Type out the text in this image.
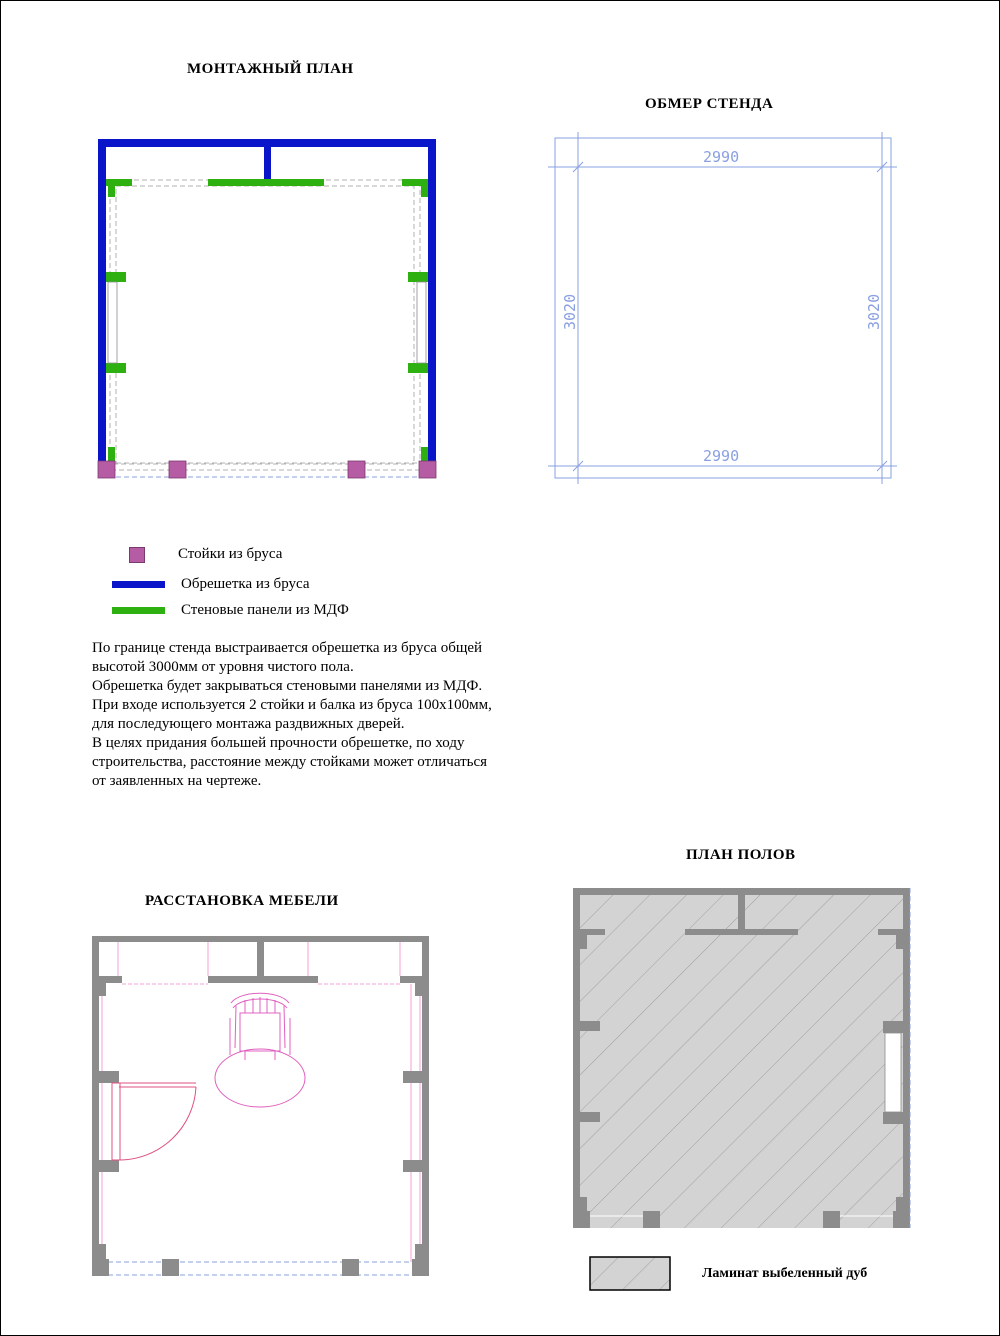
МОНТАЖНЫЙ ПЛАН
ОБМЕР СТЕНДА
РАССТАНОВКА МЕБЕЛИ
ПЛАН ПОЛОВ
2990
2990
3020	3020
Стойки из бруса
Обрешетка из бруса
Стеновые панели из МДФ

По границе стенда выстраивается обрешетка из бруса общей высотой 3000мм от уровня чистого пола.

Обрешетка будет закрываться стеновыми панелями из МДФ.

При входе используется 2 стойки и балка из бруса 100х100мм, для последующего монтажа раздвижных дверей.

В целях придания большей прочности обрешетке, по ходу строительства, расстояние между стойками может отличаться от заявленных на чертеже.

Ламинат выбеленный дуб
